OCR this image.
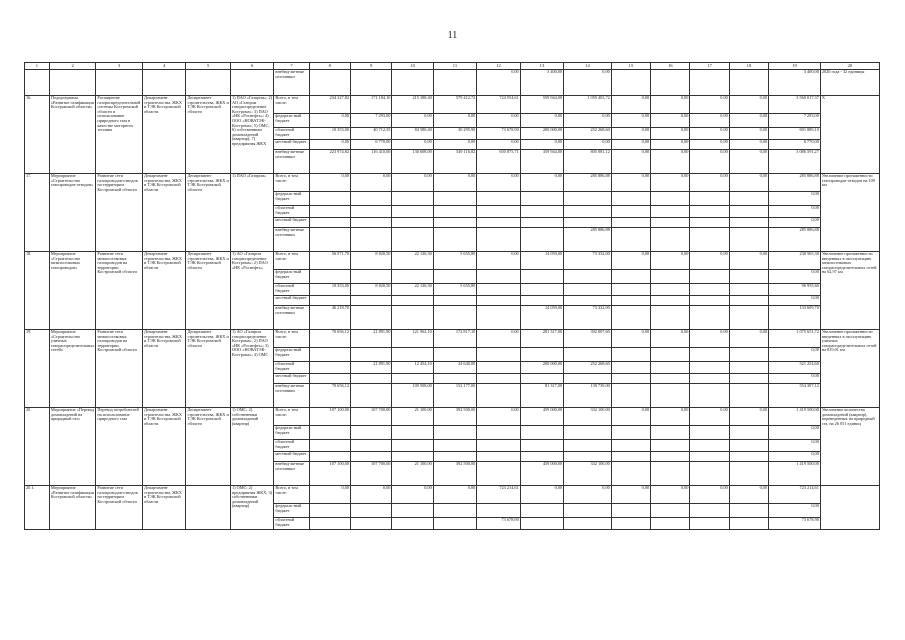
11
1	2	3	4	5	6	7	8	9	10	11	12	13	14	15	16	17	18	19	20
						внебюд-жетные источники					0,00	3 400,00	0,00					3 400,00	2020 года - 32 единицы
16.	Подпрограмма «Развитие газификации Костромской области»	Расширение газораспределительной системы Костромской области и использование природного газа в качестве моторного топлива	Департамент строительства, ЖКХ и ТЭК Костромской области	Департамент строительства, ЖКХ и ТЭК Костромской области	1) ПАО «Газпром»; 2) АО «Газпром газораспределение Кострома»; 3) ПАО «НК «Роснефть»; 4) ООО «НОВАТЭК-Кострома»; 5) ОМС; 6) собственники домовладений (квартир); 7) предприятия ЖКХ	Всего, в том числе:	234 327,82	171 184,10	215 188,40	579 412,72	724 554,61	559 944,00	1 059 403,72	0,00	0,00	0,00	0,00	3 560 017,37	Х
						федераль-ный бюджет	0,00	7 293,00	0,00	0,00	0,00	0,00	0,00	0,00	0,00	0,00	0,00	7 293,00	
						областной бюджет	10 353,00	40 712,35	84 580,40	30 295,90	73 678,90	200 000,00	252 268,60	0,00	0,00	0,00	0,00	691 889,10	
						местный бюджет	0,00	6 770,00	0,00	0,00	0,00	0,00	0,00	0,00	0,00	0,00	0,00	6 770,00	
						внебюд-жетные источники	223 974,82	116 410,00	130 608,00	549 116,82	650 875,71	359 944,00	805 081,12	0,00	0,00	0,00	0,00	3 086 591,27	
17.	Мероприятие «Строительство газопроводов-отводов»	Развитие сети газопроводов-отводов на территории Костромской области	Департамент строительства, ЖКХ и ТЭК Костромской области	Департамент строительства, ЖКХ и ТЭК Костромской области	1) ПАО «Газпром»	Всего, в том числе:	0,00	0,00	0,00	0,00	0,00	0,00	285 886,88	0,00	0,00	0,00	0,00	285 886,88	Увеличение протяженности газопроводов-отводов на 109 км
						федераль-ный бюджет												0,00	
						областной бюджет												0,00	
						местный бюджет												0,00	
						внебюд-жетные источники							285 886,88					285 886,88	
18.	Мероприятие «Строительство межпоселковых газопроводов»	Развитие сети межпоселковых газопроводов на территории Костромской области	Департамент строительства, ЖКХ и ТЭК Костромской области	Департамент строительства, ЖКХ и ТЭК Костромской области	1) АО «Газпром газораспределение Кострома»; 2) ПАО «НК «Роснефть»	Всего, в том числе:	56 571,70	8 820,50	22 126,30	5 655,80	0,00	14 059,00	73 332,00	0,00	0,00	0,00	0,00	230 565,30	Увеличение протяженности введенных в эксплуатацию межпоселковых газораспределительных сетей на 62,97 км
						федераль-ный бюджет												0,00	
						областной бюджет	10 353,00	8 820,50	22 126,30	5 655,80								96 955,60	
						местный бюджет												0,00	
						внебюд-жетные источники	46 218,70					14 059,00	73 332,00					133 609,70	
19.	Мероприятие «Строительство уличных газораспределительных сетей»	Развитие сети межпоселковых газопроводов на территории Костромской области	Департамент строительства, ЖКХ и ТЭК Костромской области	Департамент строительства, ЖКХ и ТЭК Костромской области	1) АО «Газпром газораспределение Кострома»; 2) ПАО «НК «Роснефть»; 3) ООО «НОВАТЭК-Кострома»; 4) ОМС	Всего, в том числе:	70 656,12	21 891,90	121 962,10	172 817,10	0,00	281 317,00	392 007,60	0,00	0,00	0,00	0,00	1 075 651,72	Увеличение протяженности введенных в эксплуатацию уличных газораспределительных сетей на 819,01 км
						федераль-ный бюджет												0,00	
						областной бюджет		21 891,90	12 454,10	24 640,00		200 000,00	252 268,60					521 254,60	
						местный бюджет												0,00	
						внебюд-жетные источники	70 656,12		109 508,00	152 177,00		81 317,00	139 739,00					554 397,12	
20.	Мероприятие «Перевод домовладений на природный газ»	Перевод потребителей на использование природного газа	Департамент строительства, ЖКХ и ТЭК Костромской области	Департамент строительства, ЖКХ и ТЭК Костромской области	1) ОМС; 2) собственники домовладений (квартир)	Всего, в том числе:	107 100,00	107 700,00	21 100,00	392 500,00	0,00	459 000,00	332 100,00	0,00	0,00	0,00	0,00	1 419 500,00	Увеличение количества домовладений (квартир), переведенных на природный газ, на 26 051 единиц
						федераль-ный бюджет												0,00	
						областной бюджет												0,00	
						местный бюджет												0,00	
						внебюд-жетные источники	107 100,00	107 700,00	21 100,00	392 500,00		459 000,00	332 100,00					1 419 500,00	
20.1.	Мероприятие «Развитие газификации Костромской области»	Развитие сети газопроводов-отводов на территории Костромской области	Департамент строительства, ЖКХ и ТЭК Костромской области		1) ОМС; 2) предприятия ЖКХ; 3) собственники домовладений (квартир)	Всего, в том числе:	0,00	0,00	0,00	0,00	723 214,61	0,00	0,00	0,00	0,00	0,00	0,00	723 214,61	
						федераль-ный бюджет												0,00	
						областной бюджет					73 678,90							73 678,90	
